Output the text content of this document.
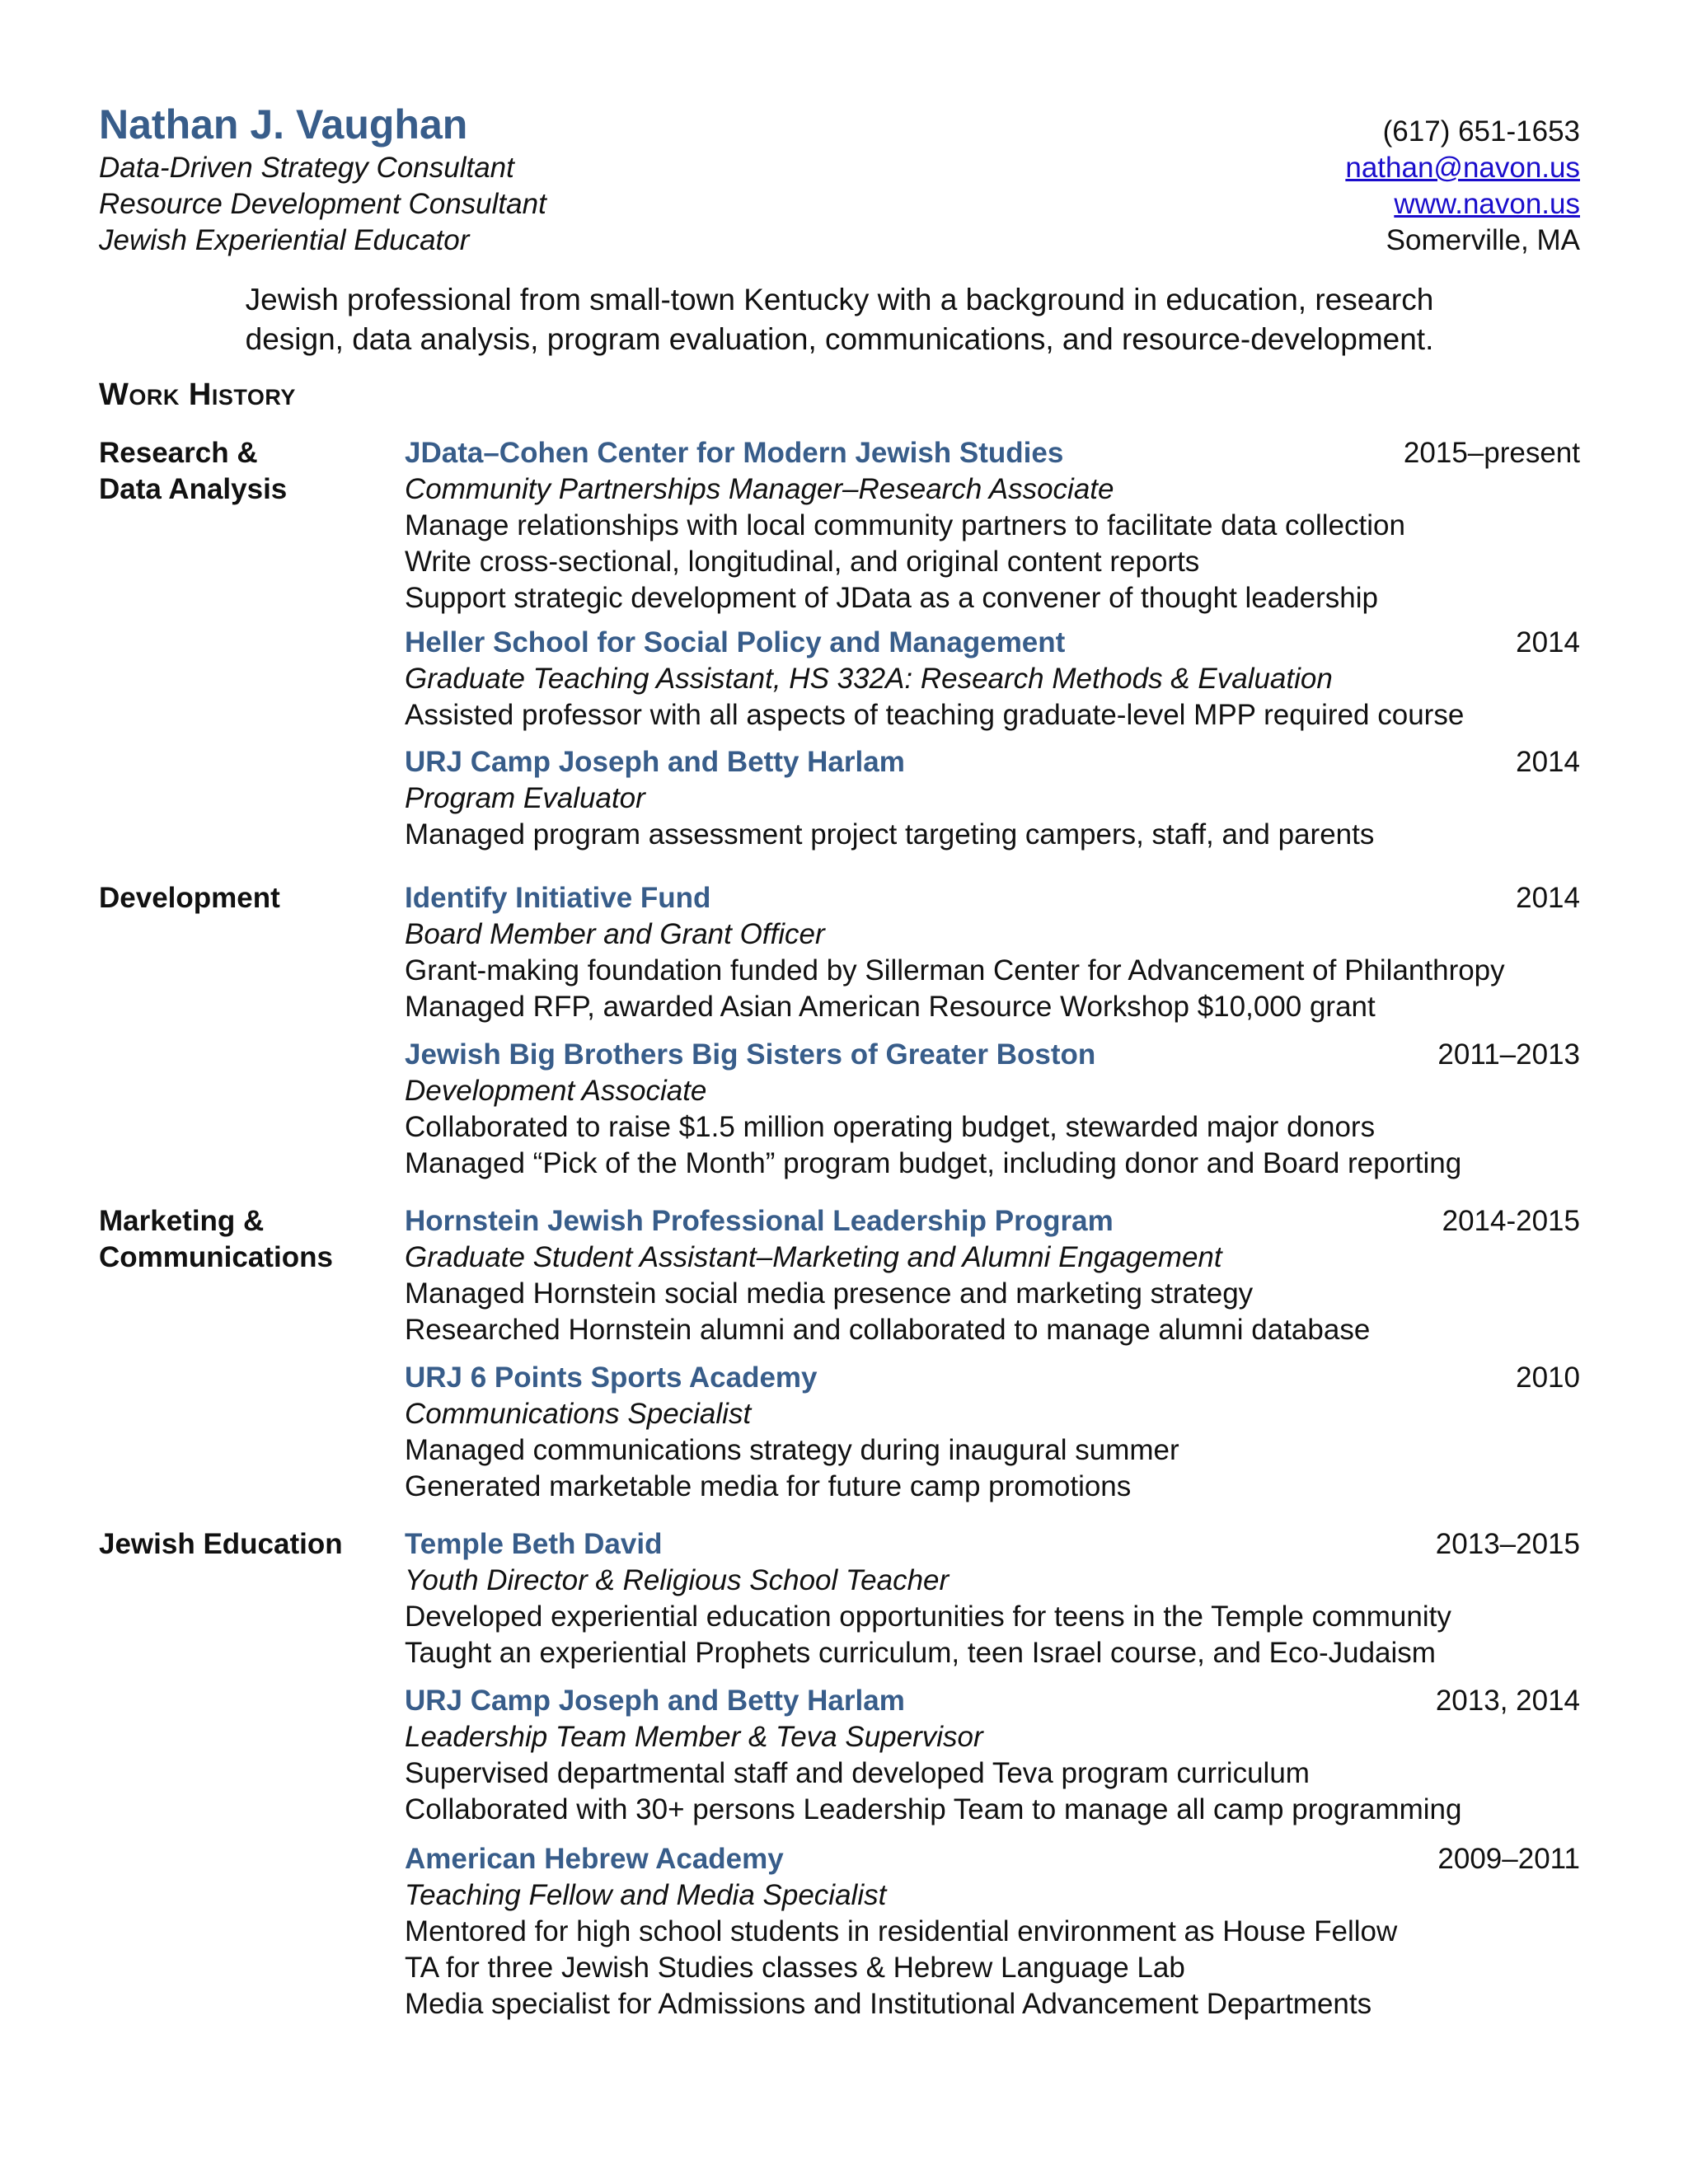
Nathan J. Vaughan
Data-Driven Strategy Consultant
Resource Development Consultant
Jewish Experiential Educator
(617) 651-1653
nathan@navon.us
www.navon.us
Somerville, MA
Jewish professional from small-town Kentucky with a background in education, research
design, data analysis, program evaluation, communications, and resource-development.
Work History
Research &
Data Analysis
JData–Cohen Center for Modern Jewish Studies	2015–present
Community Partnerships Manager–Research Associate
Manage relationships with local community partners to facilitate data collection
Write cross-sectional, longitudinal, and original content reports
Support strategic development of JData as a convener of thought leadership
Heller School for Social Policy and Management	2014
Graduate Teaching Assistant, HS 332A: Research Methods & Evaluation
Assisted professor with all aspects of teaching graduate-level MPP required course
URJ Camp Joseph and Betty Harlam	2014
Program Evaluator
Managed program assessment project targeting campers, staff, and parents
Development	Identify Initiative Fund	2014
Board Member and Grant Officer
Grant-making foundation funded by Sillerman Center for Advancement of Philanthropy
Managed RFP, awarded Asian American Resource Workshop $10,000 grant
Jewish Big Brothers Big Sisters of Greater Boston	2011–2013
Development Associate
Collaborated to raise $1.5 million operating budget, stewarded major donors
Managed “Pick of the Month” program budget, including donor and Board reporting
Marketing &
Communications
Hornstein Jewish Professional Leadership Program	2014-2015
Graduate Student Assistant–Marketing and Alumni Engagement
Managed Hornstein social media presence and marketing strategy
Researched Hornstein alumni and collaborated to manage alumni database
URJ 6 Points Sports Academy	2010
Communications Specialist
Managed communications strategy during inaugural summer
Generated marketable media for future camp promotions
Jewish Education	Temple Beth David	2013–2015
Youth Director & Religious School Teacher
Developed experiential education opportunities for teens in the Temple community
Taught an experiential Prophets curriculum, teen Israel course, and Eco-Judaism
URJ Camp Joseph and Betty Harlam	2013, 2014
Leadership Team Member & Teva Supervisor
Supervised departmental staff and developed Teva program curriculum
Collaborated with 30+ persons Leadership Team to manage all camp programming
American Hebrew Academy	2009–2011
Teaching Fellow and Media Specialist
Mentored for high school students in residential environment as House Fellow
TA for three Jewish Studies classes & Hebrew Language Lab
Media specialist for Admissions and Institutional Advancement Departments
